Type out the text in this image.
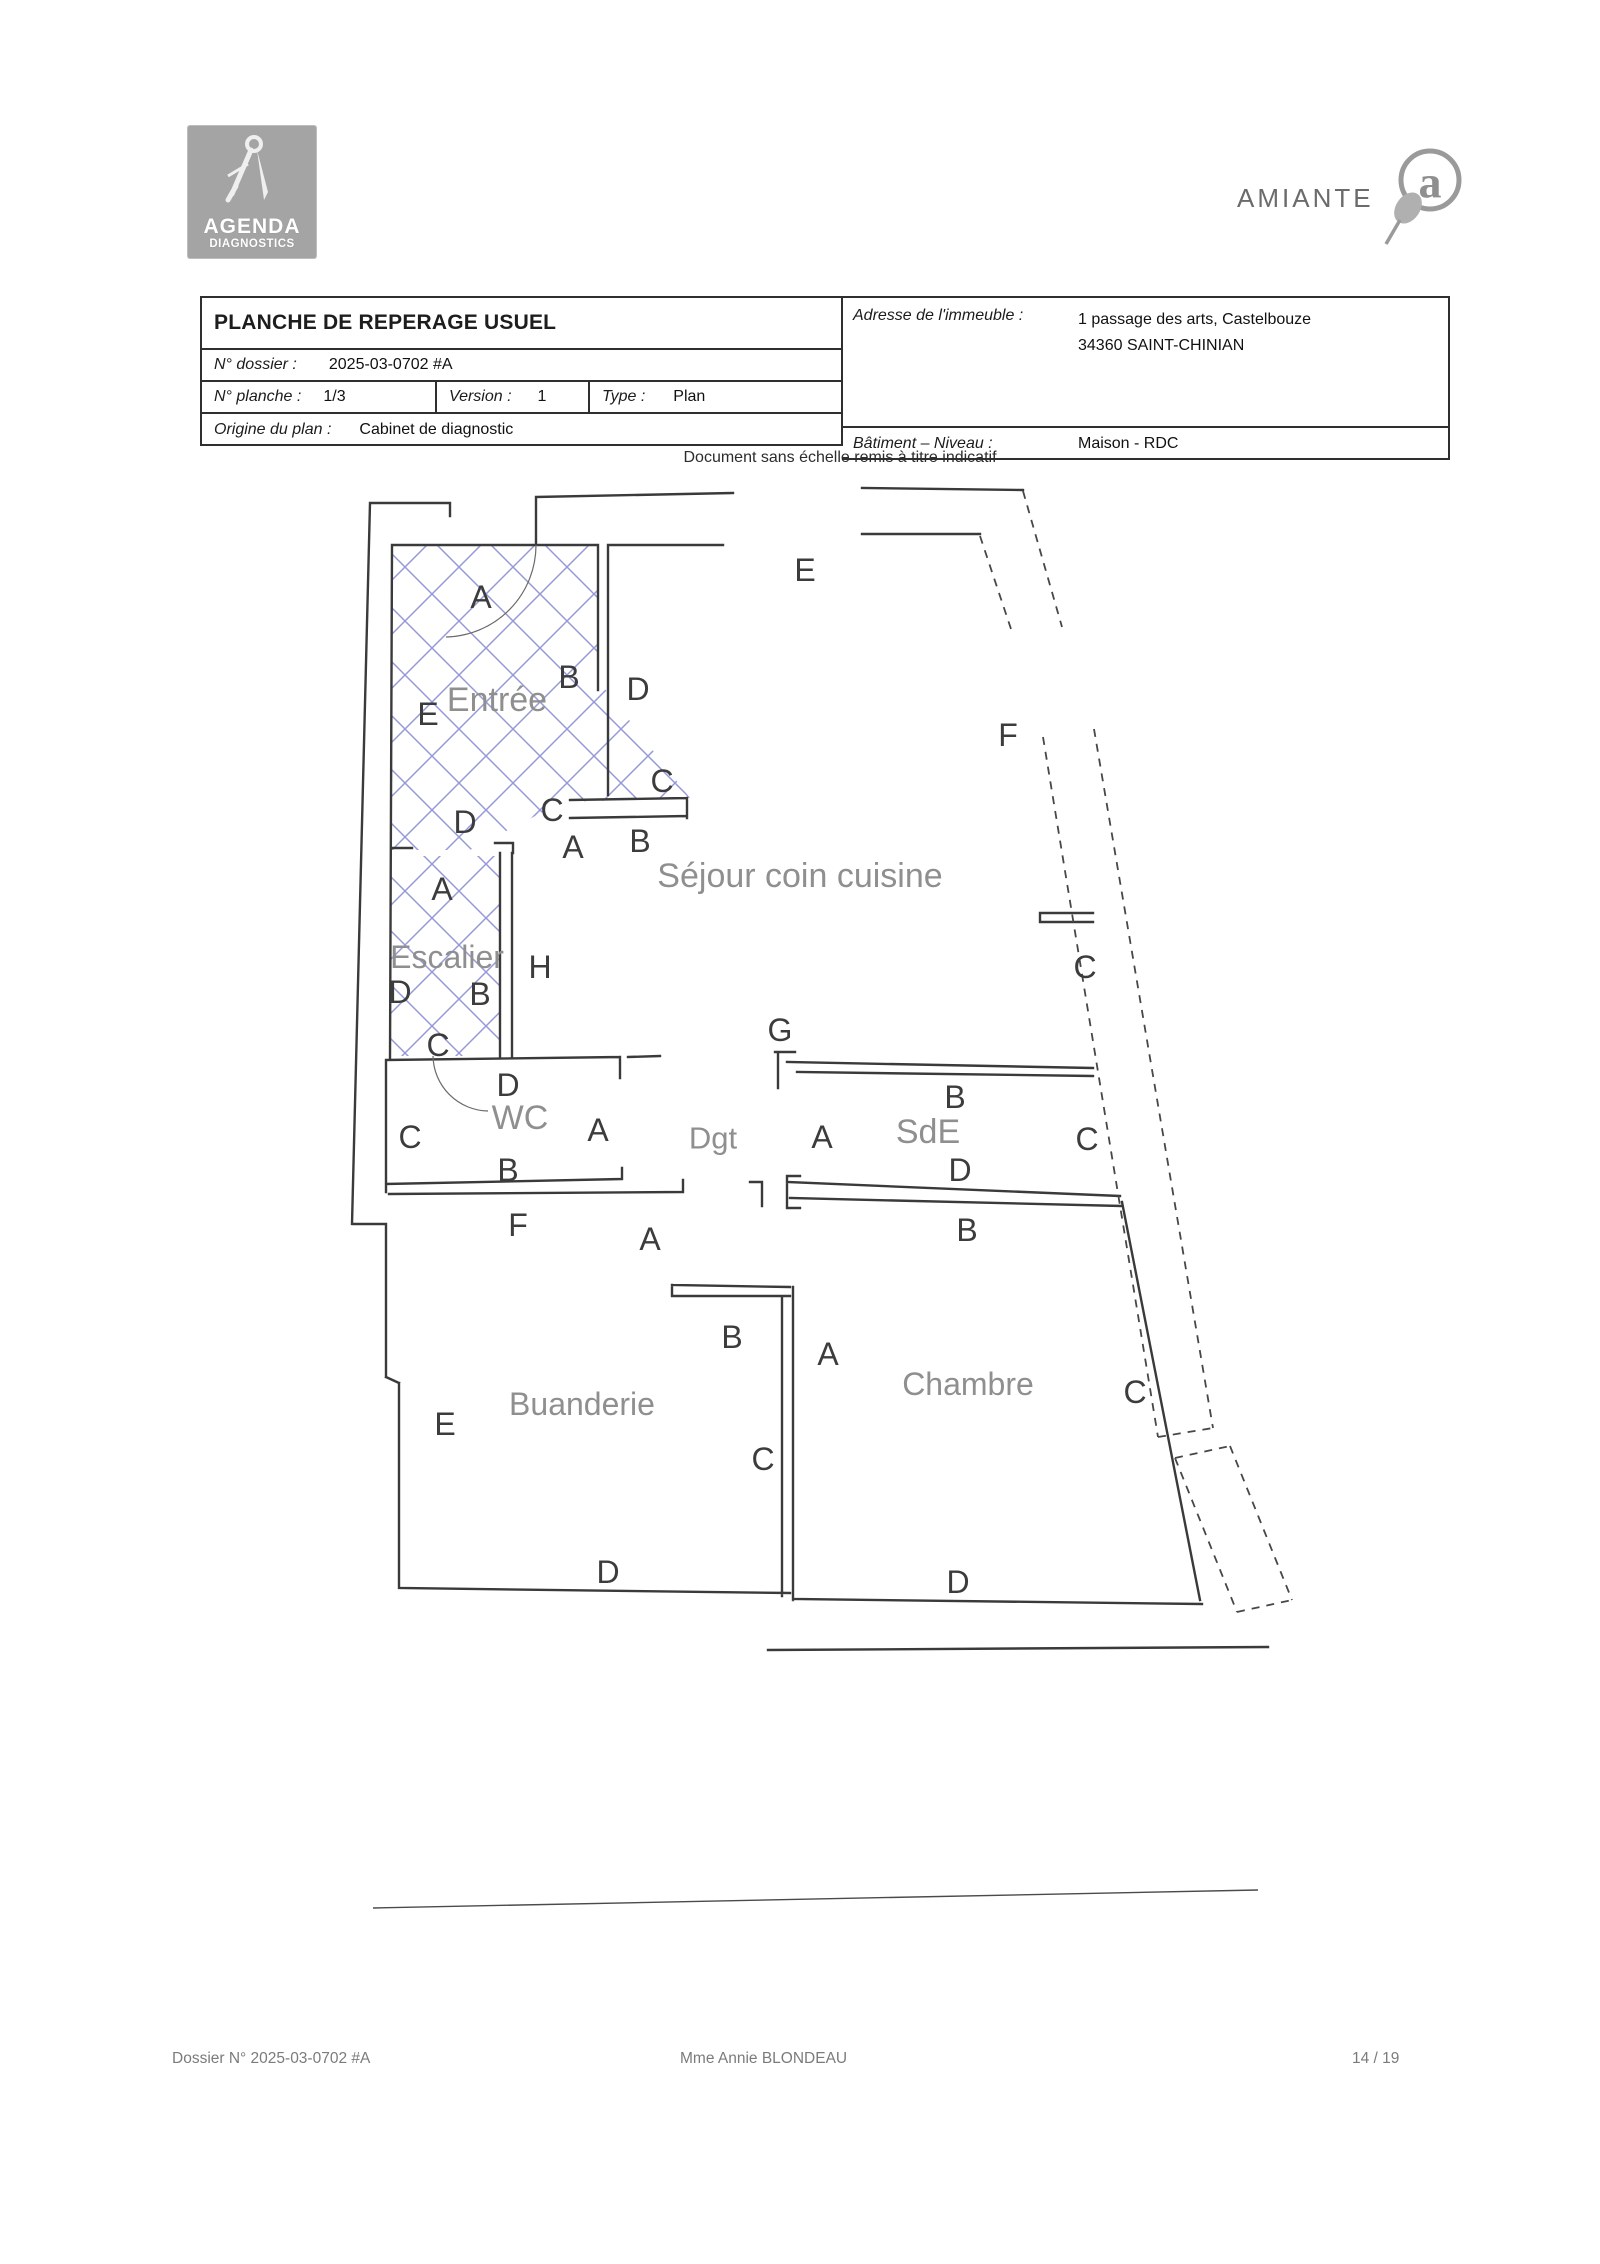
AGENDA
DIAGNOSTICS
AMIANTE a
PLANCHE DE REPERAGE USUEL
N° dossier : 2025-03-0702 #A
N° planche : 1/3	Version : 1	Type : Plan
Origine du plan : Cabinet de diagnostic
Adresse de l'immeuble :	1 passage des arts, Castelbouze
34360 SAINT-CHINIAN
Bâtiment – Niveau :	Maison - RDC
Document sans échelle remis à titre indicatif
A
B
E
D C
D
C
B
A
E
F
C
G
A
H
D B
C
D
C	A
B
B
A	C
D
F	A	B
B A
E
C
D
C
D
Entrée
Escalier
Séjour coin cuisine
WC
Dgt	SdE
Buanderie
Chambre
Dossier N° 2025-03-0702 #A	Mme Annie BLONDEAU	14 / 19
